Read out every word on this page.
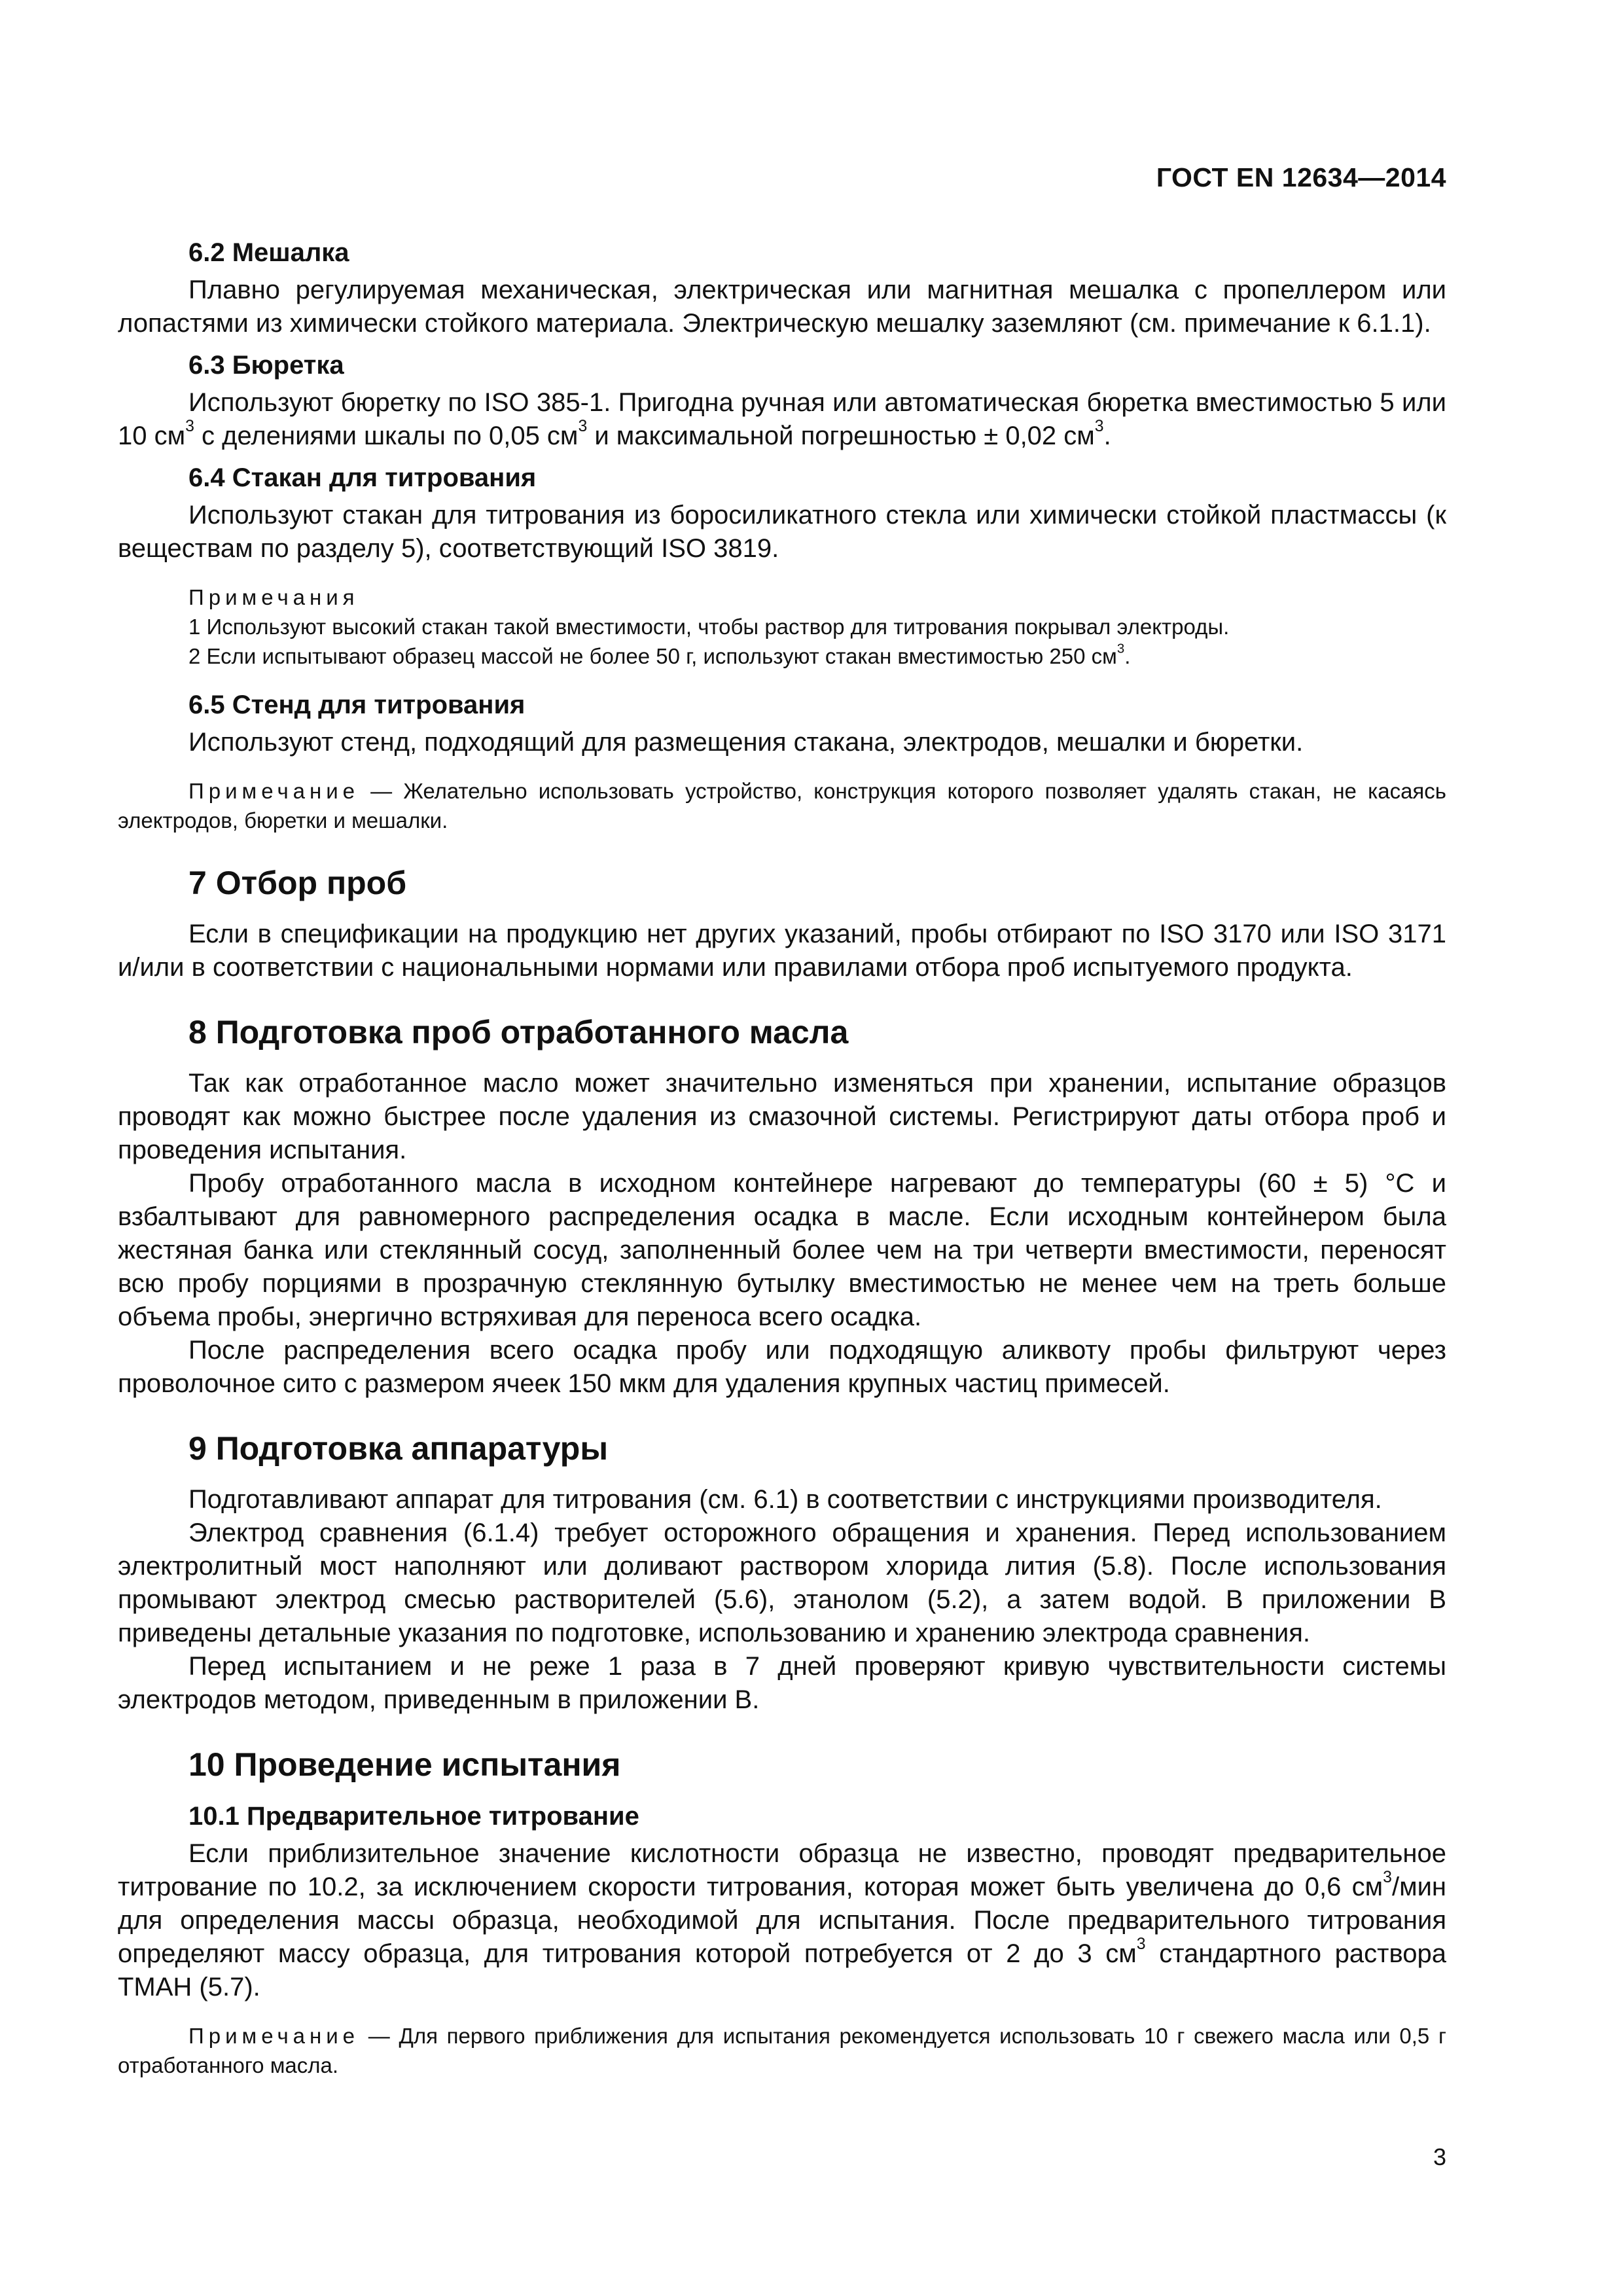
ГОСТ EN 12634—2014
6.2 Мешалка

Плавно регулируемая механическая, электрическая или магнитная мешалка с пропеллером или лопастями из химически стойкого материала. Электрическую мешалку заземляют (см. примечание к 6.1.1).

6.3 Бюретка

Используют бюретку по ISO 385-1. Пригодна ручная или автоматическая бюретка вместимостью 5 или 10 $см^3$ с делениями шкалы по 0,05 $см^3$ и максимальной погрешностью ± 0,02 $см^3$.

6.4 Стакан для титрования

Используют стакан для титрования из боросиликатного стекла или химически стойкой пластмассы (к веществам по разделу 5), соответствующий ISO 3819.

Примечания
1 Используют высокий стакан такой вместимости, чтобы раствор для титрования покрывал электроды.
2 Если испытывают образец массой не более 50 г, используют стакан вместимостью 250 $см^3$.
6.5 Стенд для титрования

Используют стенд, подходящий для размещения стакана, электродов, мешалки и бюретки.

Примечание — Желательно использовать устройство, конструкция которого позволяет удалять стакан, не касаясь электродов, бюретки и мешалки.
7 Отбор проб

Если в спецификации на продукцию нет других указаний, пробы отбирают по ISO 3170 или ISO 3171 и/или в соответствии с национальными нормами или правилами отбора проб испытуемого продукта.

8 Подготовка проб отработанного масла

Так как отработанное масло может значительно изменяться при хранении, испытание образцов проводят как можно быстрее после удаления из смазочной системы. Регистрируют даты отбора проб и проведения испытания.

Пробу отработанного масла в исходном контейнере нагревают до температуры (60 ± 5) °С и взбалтывают для равномерного распределения осадка в масле. Если исходным контейнером была жестяная банка или стеклянный сосуд, заполненный более чем на три четверти вместимости, переносят всю пробу порциями в прозрачную стеклянную бутылку вместимостью не менее чем на треть больше объема пробы, энергично встряхивая для переноса всего осадка.

После распределения всего осадка пробу или подходящую аликвоту пробы фильтруют через проволочное сито с размером ячеек 150 мкм для удаления крупных частиц примесей.

9 Подготовка аппаратуры

Подготавливают аппарат для титрования (см. 6.1) в соответствии с инструкциями производителя.

Электрод сравнения (6.1.4) требует осторожного обращения и хранения. Перед использованием электролитный мост наполняют или доливают раствором хлорида лития (5.8). После использования промывают электрод смесью растворителей (5.6), этанолом (5.2), а затем водой. В приложении В приведены детальные указания по подготовке, использованию и хранению электрода сравнения.

Перед испытанием и не реже 1 раза в 7 дней проверяют кривую чувствительности системы электродов методом, приведенным в приложении В.

10 Проведение испытания
10.1 Предварительное титрование

Если приблизительное значение кислотности образца не известно, проводят предварительное титрование по 10.2, за исключением скорости титрования, которая может быть увеличена до 0,6 $см^3$/мин для определения массы образца, необходимой для испытания. После предварительного титрования определяют массу образца, для титрования которой потребуется от 2 до 3 $см^3$ стандартного раствора ТМАН (5.7).

Примечание — Для первого приближения для испытания рекомендуется использовать 10 г свежего масла или 0,5 г отработанного масла.
3
